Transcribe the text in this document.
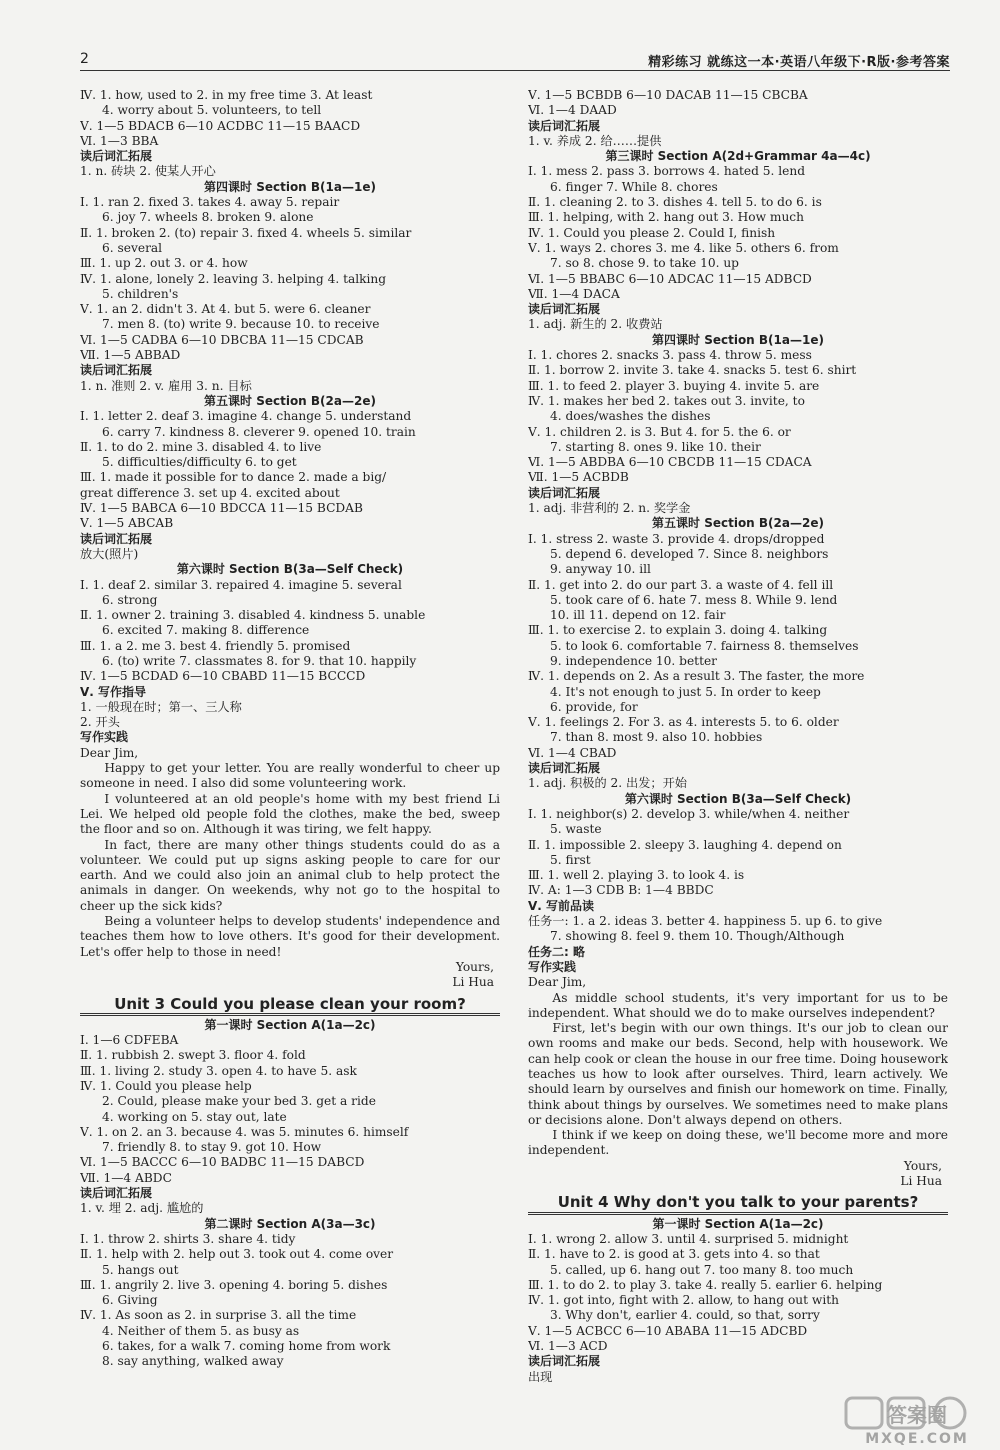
2	精彩练习 就练这一本·英语八年级下·R版·参考答案
Ⅳ. 1. how, used to 2. in my free time 3. At least
4. worry about 5. volunteers, to tell
Ⅴ. 1—5 BDACB 6—10 ACDBC 11—15 BAACD
Ⅵ. 1—3 BBA
读后词汇拓展
1. n. 砖块 2. 使某人开心
第四课时 Section B(1a—1e)
Ⅰ. 1. ran 2. fixed 3. takes 4. away 5. repair
6. joy 7. wheels 8. broken 9. alone
Ⅱ. 1. broken 2. (to) repair 3. fixed 4. wheels 5. similar
6. several
Ⅲ. 1. up 2. out 3. or 4. how
Ⅳ. 1. alone, lonely 2. leaving 3. helping 4. talking
5. children's
Ⅴ. 1. an 2. didn't 3. At 4. but 5. were 6. cleaner
7. men 8. (to) write 9. because 10. to receive
Ⅵ. 1—5 CADBA 6—10 DBCBA 11—15 CDCAB
Ⅶ. 1—5 ABBAD
读后词汇拓展
1. n. 准则 2. v. 雇用 3. n. 目标
第五课时 Section B(2a—2e)
Ⅰ. 1. letter 2. deaf 3. imagine 4. change 5. understand
6. carry 7. kindness 8. cleverer 9. opened 10. train
Ⅱ. 1. to do 2. mine 3. disabled 4. to live
5. difficulties/difficulty 6. to get
Ⅲ. 1. made it possible for to dance 2. made a big/
great difference 3. set up 4. excited about
Ⅳ. 1—5 BABCA 6—10 BDCCA 11—15 BCDAB
Ⅴ. 1—5 ABCAB
读后词汇拓展
放大(照片)
第六课时 Section B(3a—Self Check)
Ⅰ. 1. deaf 2. similar 3. repaired 4. imagine 5. several
6. strong
Ⅱ. 1. owner 2. training 3. disabled 4. kindness 5. unable
6. excited 7. making 8. difference
Ⅲ. 1. a 2. me 3. best 4. friendly 5. promised
6. (to) write 7. classmates 8. for 9. that 10. happily
Ⅳ. 1—5 BCDAD 6—10 CBABD 11—15 BCCCD
Ⅴ. 写作指导
1. 一般现在时；第一、三人称
2. 开头
写作实践
Dear Jim,
Happy to get your letter. You are really wonderful to cheer up someone in need. I also did some volunteering work.
I volunteered at an old people's home with my best friend Li Lei. We helped old people fold the clothes, make the bed, sweep the floor and so on. Although it was tiring, we felt happy.
In fact, there are many other things students could do as a volunteer. We could put up signs asking people to care for our earth. And we could also join an animal club to help protect the animals in danger. On weekends, why not go to the hospital to cheer up the sick kids?
Being a volunteer helps to develop students' independence and teaches them how to love others. It's good for their development. Let's offer help to those in need!
Yours,
Li Hua
Unit 3 Could you please clean your room?
第一课时 Section A(1a—2c)
Ⅰ. 1—6 CDFEBA
Ⅱ. 1. rubbish 2. swept 3. floor 4. fold
Ⅲ. 1. living 2. study 3. open 4. to have 5. ask
Ⅳ. 1. Could you please help
2. Could, please make your bed 3. get a ride
4. working on 5. stay out, late
Ⅴ. 1. on 2. an 3. because 4. was 5. minutes 6. himself
7. friendly 8. to stay 9. got 10. How
Ⅵ. 1—5 BACCC 6—10 BADBC 11—15 DABCD
Ⅶ. 1—4 ABDC
读后词汇拓展
1. v. 埋 2. adj. 尴尬的
第二课时 Section A(3a—3c)
Ⅰ. 1. throw 2. shirts 3. share 4. tidy
Ⅱ. 1. help with 2. help out 3. took out 4. come over
5. hangs out
Ⅲ. 1. angrily 2. live 3. opening 4. boring 5. dishes
6. Giving
Ⅳ. 1. As soon as 2. in surprise 3. all the time
4. Neither of them 5. as busy as
6. takes, for a walk 7. coming home from work
8. say anything, walked away
Ⅴ. 1—5 BCBDB 6—10 DACAB 11—15 CBCBA
Ⅵ. 1—4 DAAD
读后词汇拓展
1. v. 养成 2. 给……提供
第三课时 Section A(2d+Grammar 4a—4c)
Ⅰ. 1. mess 2. pass 3. borrows 4. hated 5. lend
6. finger 7. While 8. chores
Ⅱ. 1. cleaning 2. to 3. dishes 4. tell 5. to do 6. is
Ⅲ. 1. helping, with 2. hang out 3. How much
Ⅳ. 1. Could you please 2. Could I, finish
Ⅴ. 1. ways 2. chores 3. me 4. like 5. others 6. from
7. so 8. chose 9. to take 10. up
Ⅵ. 1—5 BBABC 6—10 ADCAC 11—15 ADBCD
Ⅶ. 1—4 DACA
读后词汇拓展
1. adj. 新生的 2. 收费站
第四课时 Section B(1a—1e)
Ⅰ. 1. chores 2. snacks 3. pass 4. throw 5. mess
Ⅱ. 1. borrow 2. invite 3. take 4. snacks 5. test 6. shirt
Ⅲ. 1. to feed 2. player 3. buying 4. invite 5. are
Ⅳ. 1. makes her bed 2. takes out 3. invite, to
4. does/washes the dishes
Ⅴ. 1. children 2. is 3. But 4. for 5. the 6. or
7. starting 8. ones 9. like 10. their
Ⅵ. 1—5 ABDBA 6—10 CBCDB 11—15 CDACA
Ⅶ. 1—5 ACBDB
读后词汇拓展
1. adj. 非营利的 2. n. 奖学金
第五课时 Section B(2a—2e)
Ⅰ. 1. stress 2. waste 3. provide 4. drops/dropped
5. depend 6. developed 7. Since 8. neighbors
9. anyway 10. ill
Ⅱ. 1. get into 2. do our part 3. a waste of 4. fell ill
5. took care of 6. hate 7. mess 8. While 9. lend
10. ill 11. depend on 12. fair
Ⅲ. 1. to exercise 2. to explain 3. doing 4. talking
5. to look 6. comfortable 7. fairness 8. themselves
9. independence 10. better
Ⅳ. 1. depends on 2. As a result 3. The faster, the more
4. It's not enough to just 5. In order to keep
6. provide, for
Ⅴ. 1. feelings 2. For 3. as 4. interests 5. to 6. older
7. than 8. most 9. also 10. hobbies
Ⅵ. 1—4 CBAD
读后词汇拓展
1. adj. 积极的 2. 出发；开始
第六课时 Section B(3a—Self Check)
Ⅰ. 1. neighbor(s) 2. develop 3. while/when 4. neither
5. waste
Ⅱ. 1. impossible 2. sleepy 3. laughing 4. depend on
5. first
Ⅲ. 1. well 2. playing 3. to look 4. is
Ⅳ. A: 1—3 CDB B: 1—4 BBDC
Ⅴ. 写前品读
任务一: 1. a 2. ideas 3. better 4. happiness 5. up 6. to give
7. showing 8. feel 9. them 10. Though/Although
任务二: 略
写作实践
Dear Jim,
As middle school students, it's very important for us to be independent. What should we do to make ourselves independent?
First, let's begin with our own things. It's our job to clean our own rooms and make our beds. Second, help with housework. We can help cook or clean the house in our free time. Doing housework teaches us how to look after ourselves. Third, learn actively. We should learn by ourselves and finish our homework on time. Finally, think about things by ourselves. We sometimes need to make plans or decisions alone. Don't always depend on others.
I think if we keep on doing these, we'll become more and more independent.
Yours,
Li Hua
Unit 4 Why don't you talk to your parents?
第一课时 Section A(1a—2c)
Ⅰ. 1. wrong 2. allow 3. until 4. surprised 5. midnight
Ⅱ. 1. have to 2. is good at 3. gets into 4. so that
5. called, up 6. hang out 7. too many 8. too much
Ⅲ. 1. to do 2. to play 3. take 4. really 5. earlier 6. helping
Ⅳ. 1. got into, fight with 2. allow, to hang out with
3. Why don't, earlier 4. could, so that, sorry
Ⅴ. 1—5 ACBCC 6—10 ABABA 11—15 ADCBD
Ⅵ. 1—3 ACD
读后词汇拓展
出现
答案圈
MXQE.COM
